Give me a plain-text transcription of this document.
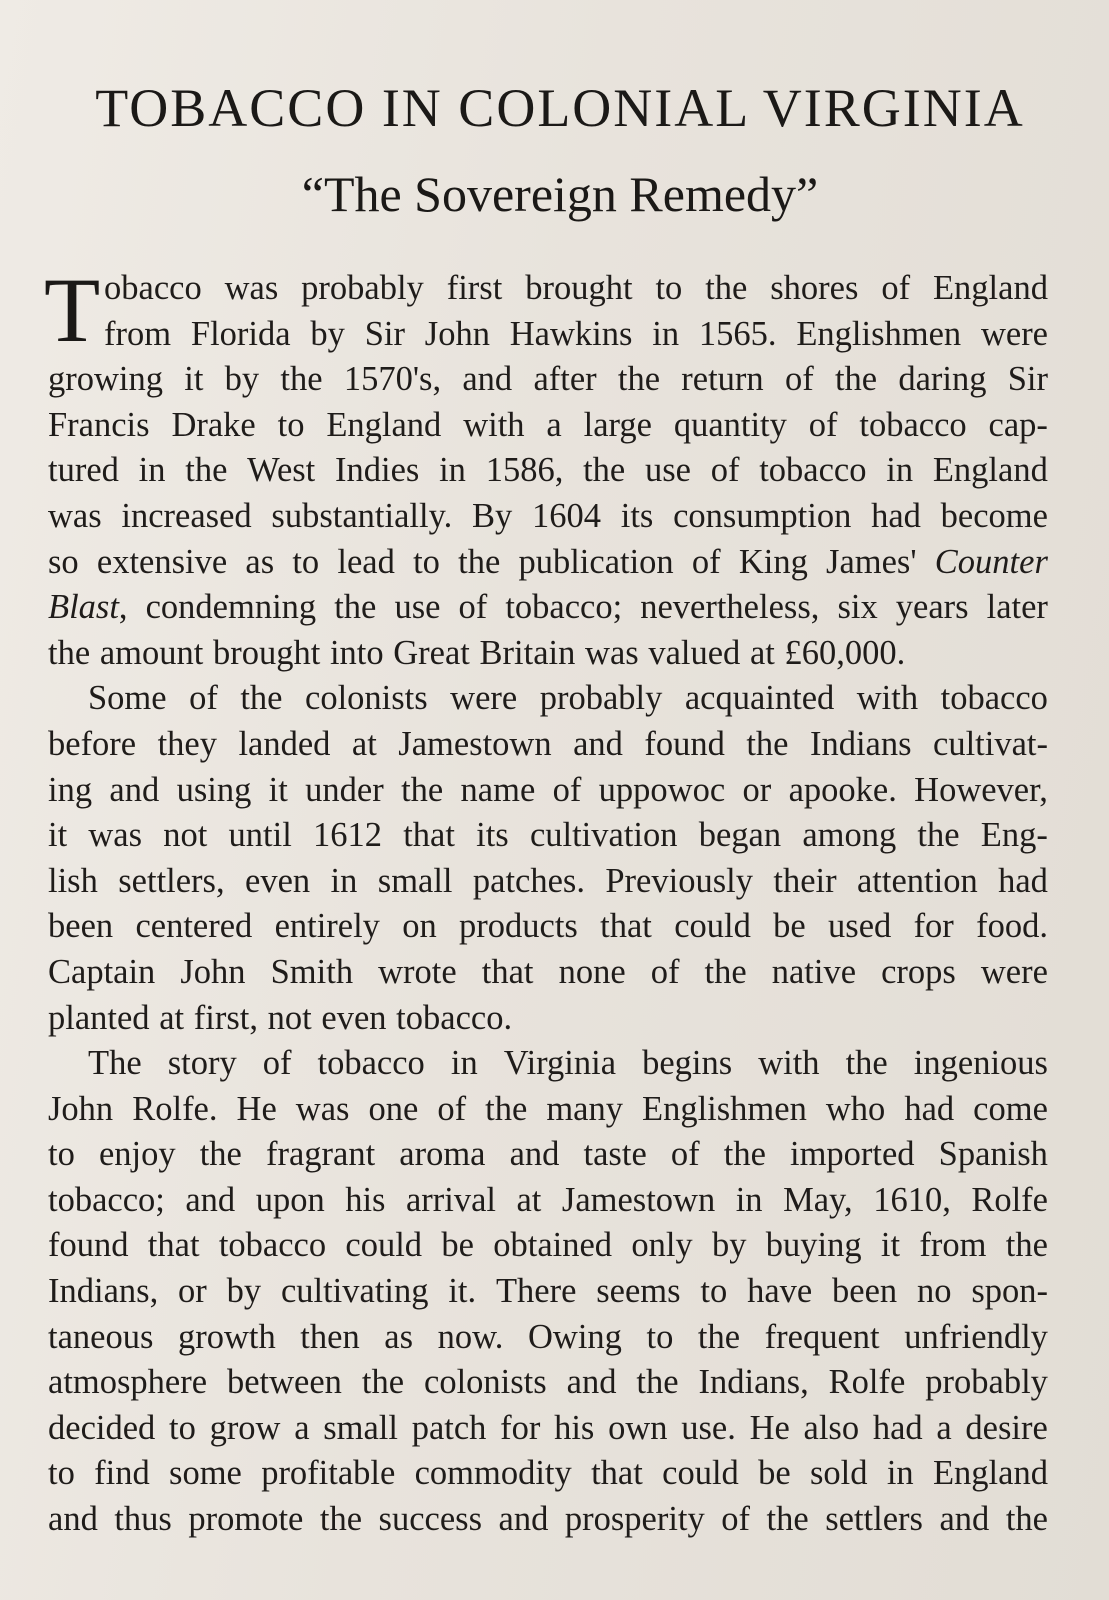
TOBACCO IN COLONIAL VIRGINIA
“The Sovereign Remedy”
T obacco was probably first brought to the shores of England
from Florida by Sir John Hawkins in 1565. Englishmen were
growing it by the 1570's, and after the return of the daring Sir
Francis Drake to England with a large quantity of tobacco cap-
tured in the West Indies in 1586, the use of tobacco in England
was increased substantially. By 1604 its consumption had become
so extensive as to lead to the publication of King James' Counter
Blast, condemning the use of tobacco; nevertheless, six years later
the amount brought into Great Britain was valued at £60,000.
Some of the colonists were probably acquainted with tobacco
before they landed at Jamestown and found the Indians cultivat-
ing and using it under the name of uppowoc or apooke. However,
it was not until 1612 that its cultivation began among the Eng-
lish settlers, even in small patches. Previously their attention had
been centered entirely on products that could be used for food.
Captain John Smith wrote that none of the native crops were
planted at first, not even tobacco.
The story of tobacco in Virginia begins with the ingenious
John Rolfe. He was one of the many Englishmen who had come
to enjoy the fragrant aroma and taste of the imported Spanish
tobacco; and upon his arrival at Jamestown in May, 1610, Rolfe
found that tobacco could be obtained only by buying it from the
Indians, or by cultivating it. There seems to have been no spon-
taneous growth then as now. Owing to the frequent unfriendly
atmosphere between the colonists and the Indians, Rolfe probably
decided to grow a small patch for his own use. He also had a desire
to find some profitable commodity that could be sold in England
and thus promote the success and prosperity of the settlers and the
